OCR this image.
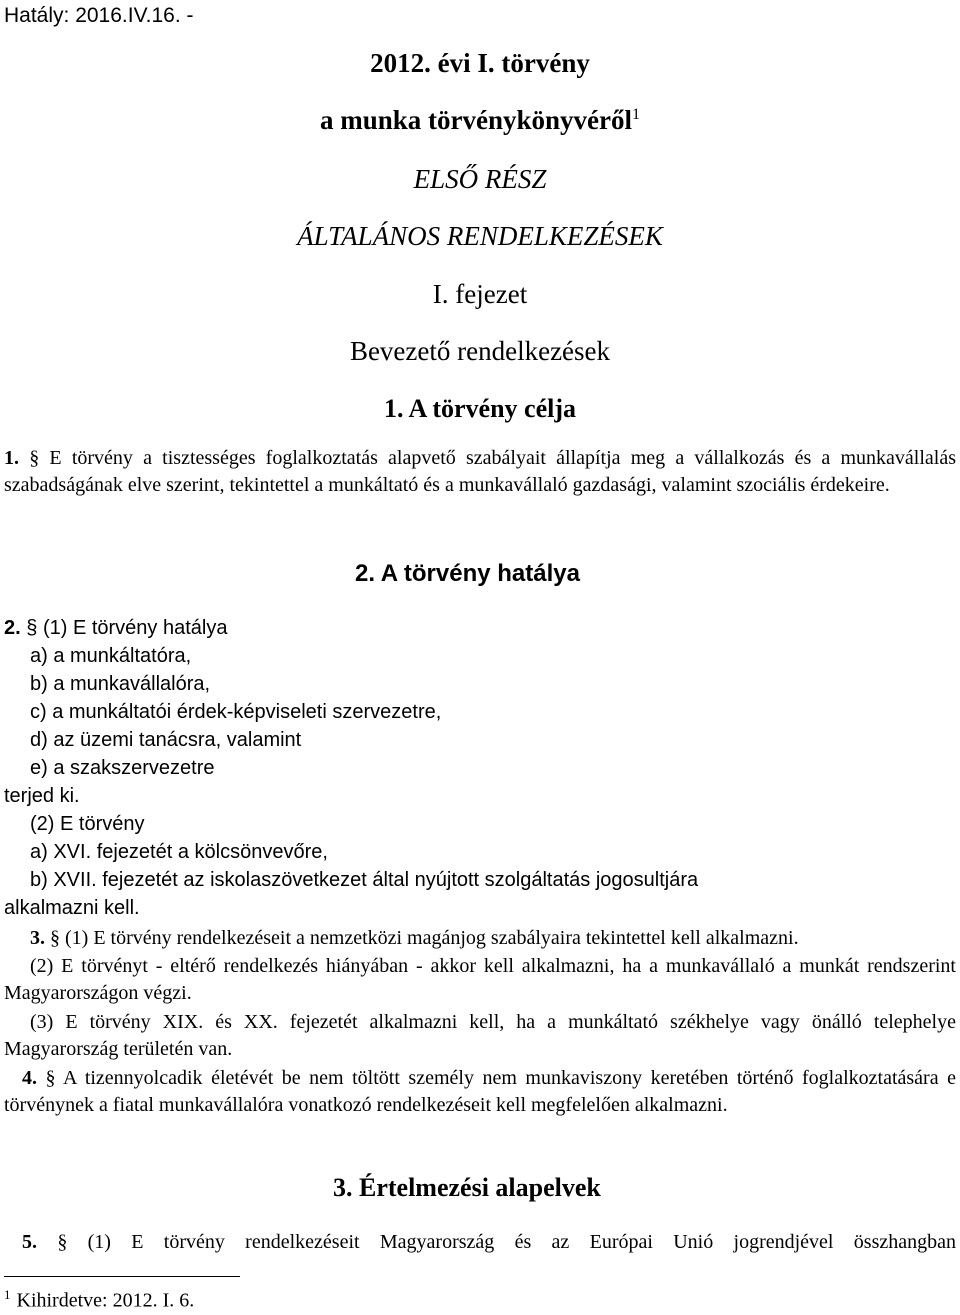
Hatály: 2016.IV.16. -
2012. évi I. törvény
a munka törvénykönyvéről$^1$
ELSŐ RÉSZ
ÁLTALÁNOS RENDELKEZÉSEK
I. fejezet
Bevezető rendelkezések
1. A törvény célja
1. § E törvény a tisztességes foglalkoztatás alapvető szabályait állapítja meg a vállalkozás és a munkavállalás szabadságának elve szerint, tekintettel a munkáltató és a munkavállaló gazdasági, valamint szociális érdekeire.
2. A törvény hatálya
2. § (1) E törvény hatálya
a) a munkáltatóra,
b) a munkavállalóra,
c) a munkáltatói érdek-képviseleti szervezetre,
d) az üzemi tanácsra, valamint
e) a szakszervezetre
terjed ki.
(2) E törvény
a) XVI. fejezetét a kölcsönvevőre,
b) XVII. fejezetét az iskolaszövetkezet által nyújtott szolgáltatás jogosultjára
alkalmazni kell.
3. § (1) E törvény rendelkezéseit a nemzetközi magánjog szabályaira tekintettel kell alkalmazni.
(2) E törvényt - eltérő rendelkezés hiányában - akkor kell alkalmazni, ha a munkavállaló a munkát rendszerint Magyarországon végzi.
(3) E törvény XIX. és XX. fejezetét alkalmazni kell, ha a munkáltató székhelye vagy önálló telephelye Magyarország területén van.
4. § A tizennyolcadik életévét be nem töltött személy nem munkaviszony keretében történő foglalkoztatására e törvénynek a fiatal munkavállalóra vonatkozó rendelkezéseit kell megfelelően alkalmazni.
3. Értelmezési alapelvek
5. § (1) E törvény rendelkezéseit Magyarország és az Európai Unió jogrendjével összhangban
$^1$ Kihirdetve: 2012. I. 6.
